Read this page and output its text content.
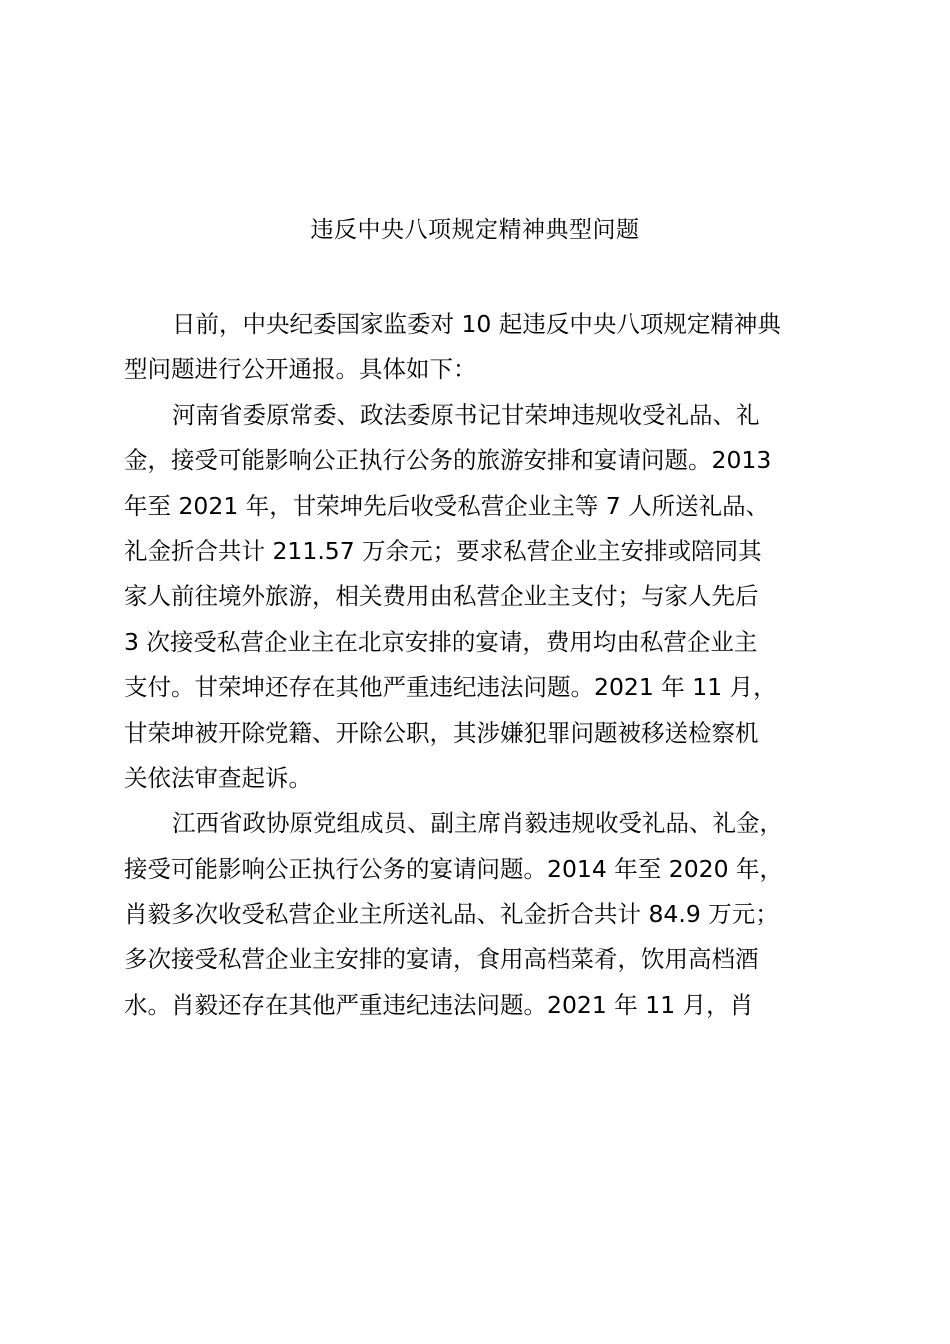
违反中央八项规定精神典型问题
日前，中央纪委国家监委对 10 起违反中央八项规定精神典
型问题进行公开通报。具体如下：
河南省委原常委、政法委原书记甘荣坤违规收受礼品、礼
金，接受可能影响公正执行公务的旅游安排和宴请问题。2013
年至 2021 年，甘荣坤先后收受私营企业主等 7 人所送礼品、
礼金折合共计 211.57 万余元；要求私营企业主安排或陪同其
家人前往境外旅游，相关费用由私营企业主支付；与家人先后
3 次接受私营企业主在北京安排的宴请，费用均由私营企业主
支付。甘荣坤还存在其他严重违纪违法问题。2021 年 11 月，
甘荣坤被开除党籍、开除公职，其涉嫌犯罪问题被移送检察机
关依法审查起诉。
江西省政协原党组成员、副主席肖毅违规收受礼品、礼金，
接受可能影响公正执行公务的宴请问题。2014 年至 2020 年，
肖毅多次收受私营企业主所送礼品、礼金折合共计 84.9 万元；
多次接受私营企业主安排的宴请，食用高档菜肴，饮用高档酒
水。肖毅还存在其他严重违纪违法问题。2021 年 11 月，肖
